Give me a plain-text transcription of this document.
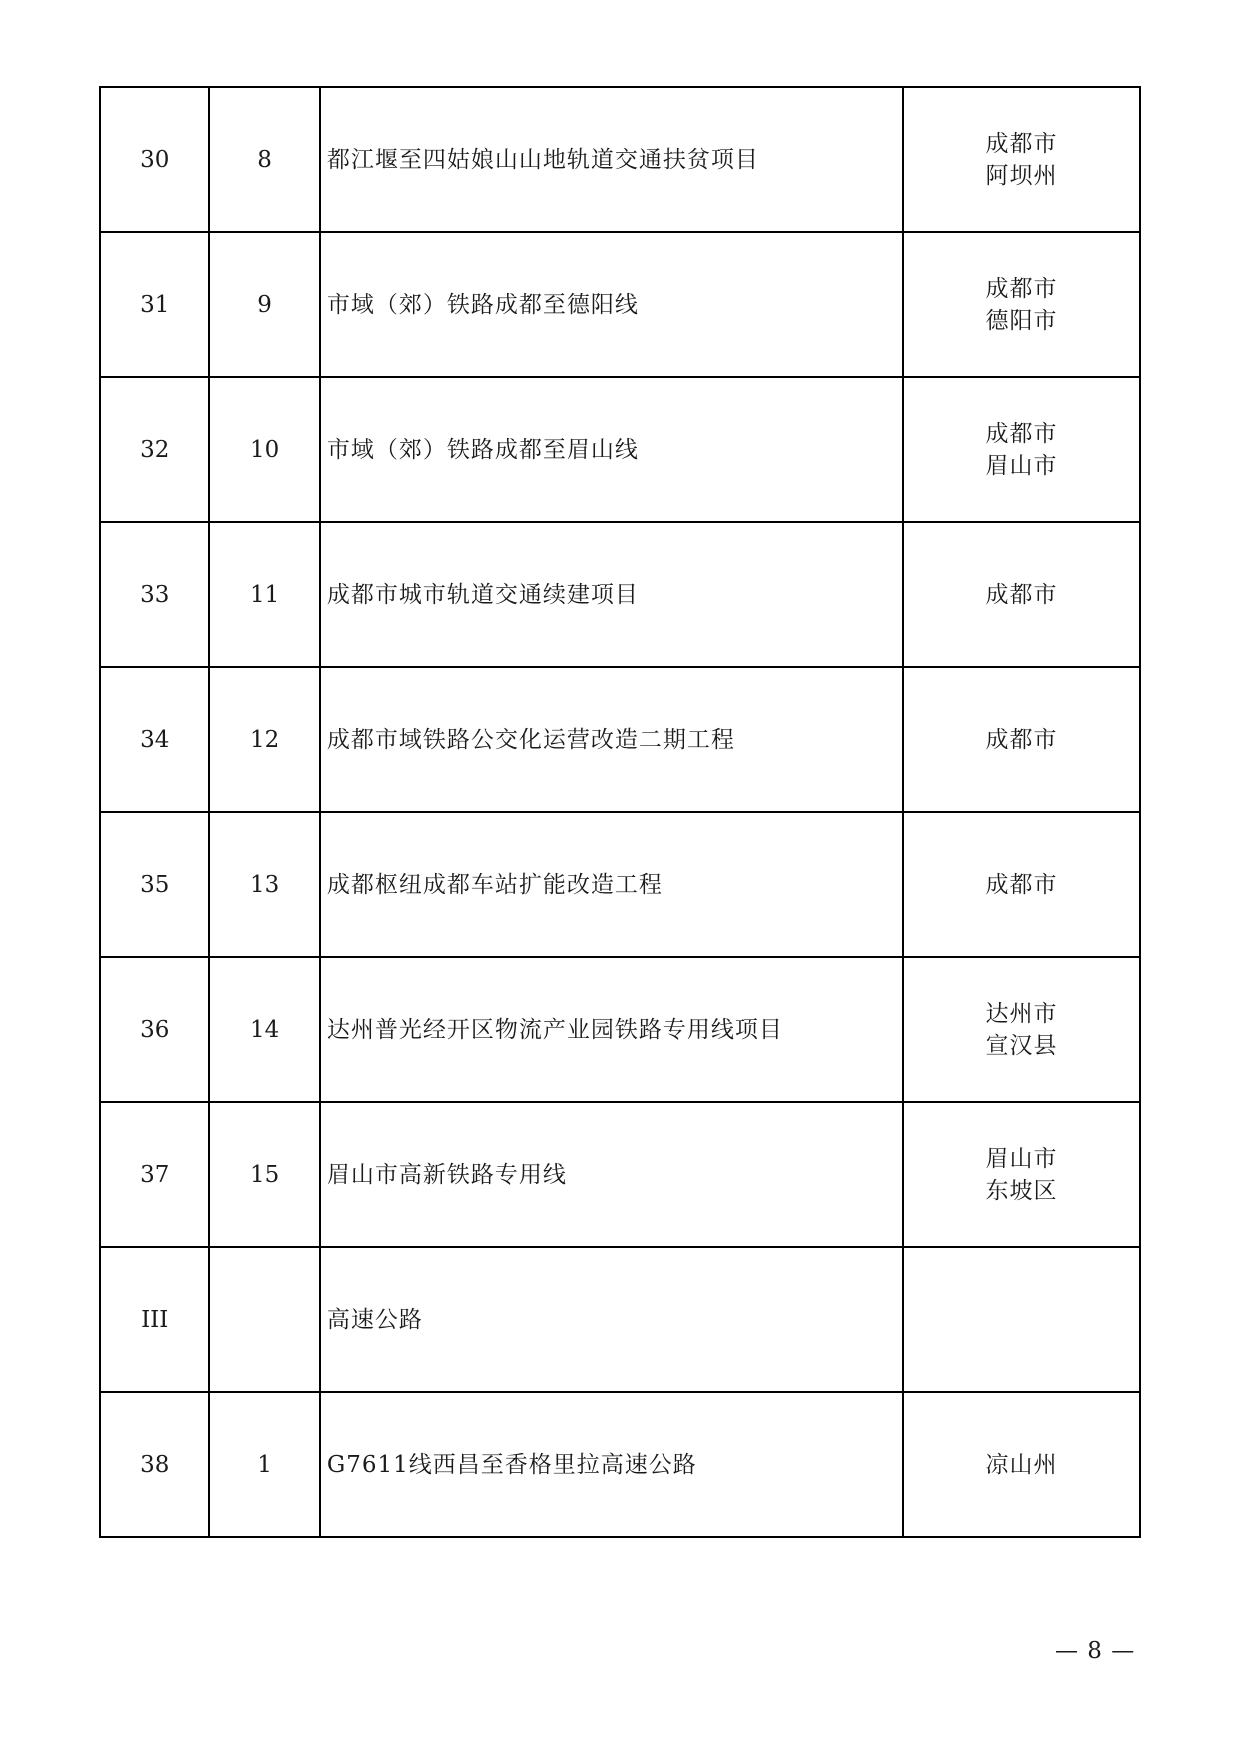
30	8	都江堰至四姑娘山山地轨道交通扶贫项目	成都市
阿坝州

31	9	市域（郊）铁路成都至德阳线	成都市
德阳市

32	10	市域（郊）铁路成都至眉山线	成都市
眉山市

33	11	成都市城市轨道交通续建项目	成都市

34	12	成都市域铁路公交化运营改造二期工程	成都市

35	13	成都枢纽成都车站扩能改造工程	成都市

36	14	达州普光经开区物流产业园铁路专用线项目	达州市
宣汉县

37	15	眉山市高新铁路专用线	眉山市
东坡区

III		高速公路	
38	1	G7611线西昌至香格里拉高速公路	凉山州
— 8 —
